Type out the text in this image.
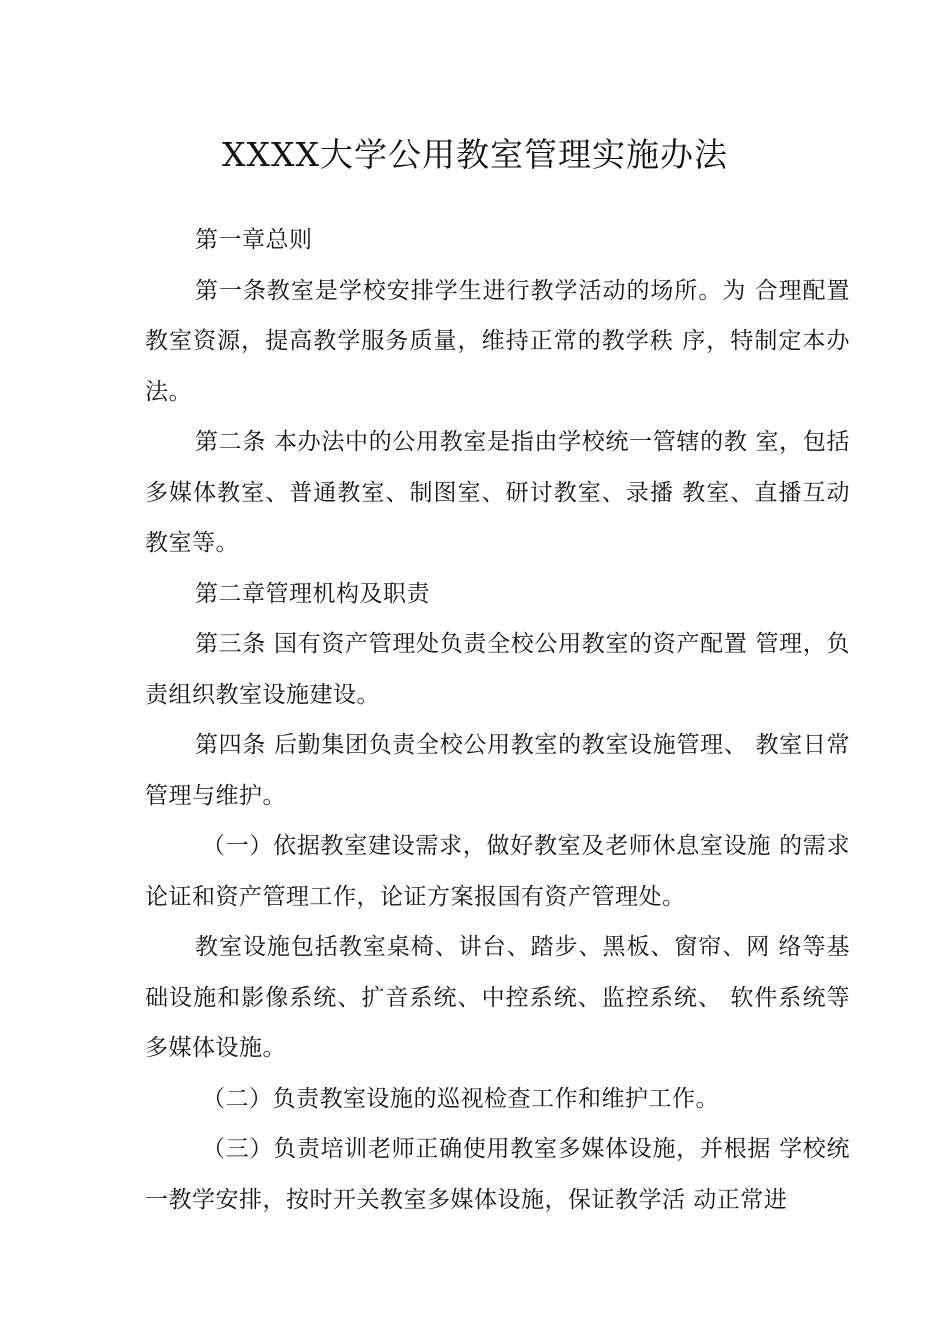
XXXX大学公用教室管理实施办法

第一章总则

第一条教室是学校安排学生进行教学活动的场所。为 合理配置教室资源，提高教学服务质量，维持正常的教学秩 序，特制定本办法。

第二条 本办法中的公用教室是指由学校统一管辖的教 室，包括多媒体教室、普通教室、制图室、研讨教室、录播 教室、直播互动教室等。

第二章管理机构及职责

第三条 国有资产管理处负责全校公用教室的资产配置 管理，负责组织教室设施建设。

第四条 后勤集团负责全校公用教室的教室设施管理、 教室日常管理与维护。

（一）依据教室建设需求，做好教室及老师休息室设施 的需求论证和资产管理工作，论证方案报国有资产管理处。

教室设施包括教室桌椅、讲台、踏步、黑板、窗帘、网 络等基础设施和影像系统、扩音系统、中控系统、监控系统、 软件系统等多媒体设施。

（二）负责教室设施的巡视检查工作和维护工作。

（三）负责培训老师正确使用教室多媒体设施，并根据 学校统一教学安排，按时开关教室多媒体设施，保证教学活 动正常进
